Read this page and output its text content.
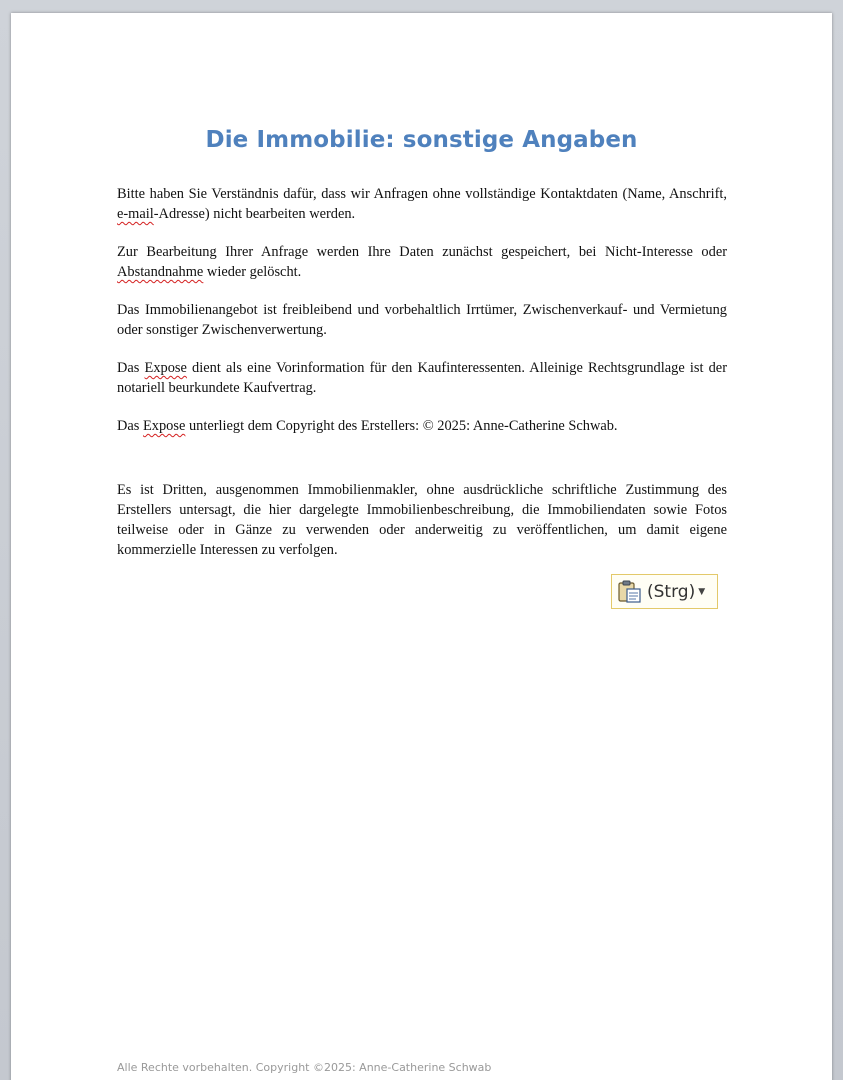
Die Immobilie: sonstige Angaben

Bitte haben Sie Verständnis dafür, dass wir Anfragen ohne vollständige Kontaktdaten (Name, Anschrift, e-mail-Adresse) nicht bearbeiten werden.

Zur Bearbeitung Ihrer Anfrage werden Ihre Daten zunächst gespeichert, bei Nicht-Interesse oder Abstandnahme wieder gelöscht.

Das Immobilienangebot ist freibleibend und vorbehaltlich Irrtümer, Zwischenverkauf- und Vermietung oder sonstiger Zwischenverwertung.

Das Expose dient als eine Vorinformation für den Kaufinteressenten. Alleinige Rechtsgrundlage ist der notariell beurkundete Kaufvertrag.

Das Expose unterliegt dem Copyright des Erstellers: © 2025: Anne-Catherine Schwab.

Es ist Dritten, ausgenommen Immobilienmakler, ohne ausdrückliche schriftliche Zustimmung des Erstellers untersagt, die hier dargelegte Immobilienbeschreibung, die Immobiliendaten sowie Fotos teilweise oder in Gänze zu verwenden oder anderweitig zu veröffentlichen, um damit eigene kommerzielle Interessen zu verfolgen.

(Strg) ▼
Alle Rechte vorbehalten. Copyright ©2025: Anne-Catherine Schwab
